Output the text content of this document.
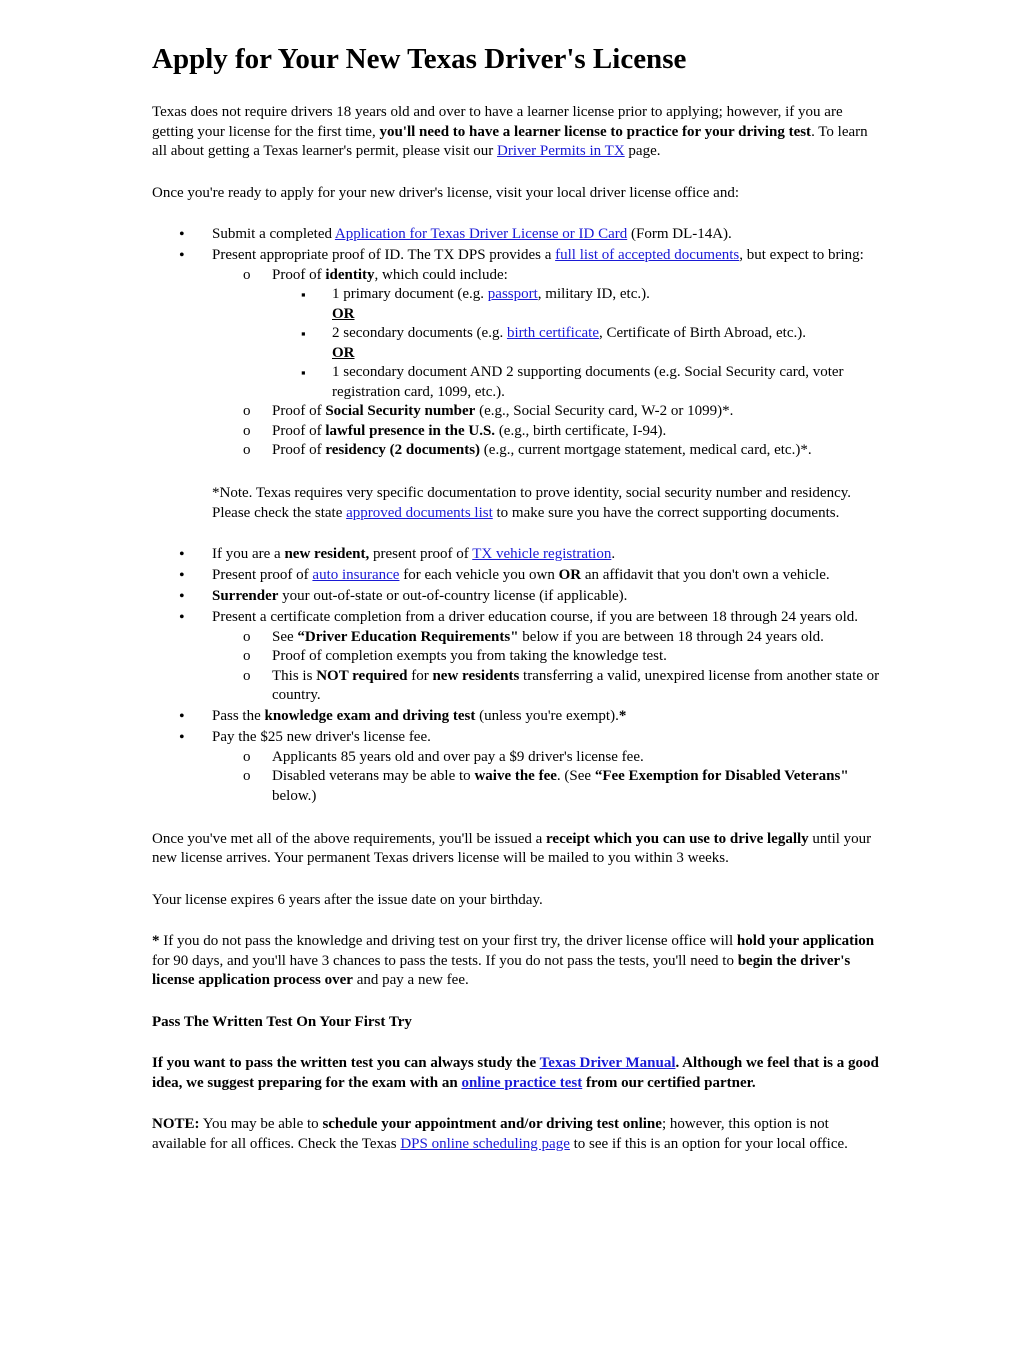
Apply for Your New Texas Driver's License

Texas does not require drivers 18 years old and over to have a learner license prior to applying; however, if you are getting your license for the first time, you'll need to have a learner license to practice for your driving test. To learn all about getting a Texas learner's permit, please visit our Driver Permits in TX page.

Once you're ready to apply for your new driver's license, visit your local driver license office and:

• Submit a completed Application for Texas Driver License or ID Card (Form DL-14A).
• Present appropriate proof of ID. The TX DPS provides a full list of accepted documents, but expect to bring:
o Proof of identity, which could include:
▪ 1 primary document (e.g. passport, military ID, etc.).
OR
▪ 2 secondary documents (e.g. birth certificate, Certificate of Birth Abroad, etc.).
OR
▪ 1 secondary document AND 2 supporting documents (e.g. Social Security card, voter registration card, 1099, etc.).
o Proof of Social Security number (e.g., Social Security card, W-2 or 1099)*.
o Proof of lawful presence in the U.S. (e.g., birth certificate, I-94).
o Proof of residency (2 documents) (e.g., current mortgage statement, medical card, etc.)*.

*Note. Texas requires very specific documentation to prove identity, social security number and residency. Please check the state approved documents list to make sure you have the correct supporting documents.

• If you are a new resident, present proof of TX vehicle registration.
• Present proof of auto insurance for each vehicle you own OR an affidavit that you don't own a vehicle.
• Surrender your out-of-state or out-of-country license (if applicable).
• Present a certificate completion from a driver education course, if you are between 18 through 24 years old.
o See “Driver Education Requirements" below if you are between 18 through 24 years old.
o Proof of completion exempts you from taking the knowledge test.
o This is NOT required for new residents transferring a valid, unexpired license from another state or country.
• Pass the knowledge exam and driving test (unless you're exempt).*
• Pay the $25 new driver's license fee.
o Applicants 85 years old and over pay a $9 driver's license fee.
o Disabled veterans may be able to waive the fee. (See “Fee Exemption for Disabled Veterans" below.)

Once you've met all of the above requirements, you'll be issued a receipt which you can use to drive legally until your new license arrives. Your permanent Texas drivers license will be mailed to you within 3 weeks.

Your license expires 6 years after the issue date on your birthday.

* If you do not pass the knowledge and driving test on your first try, the driver license office will hold your application for 90 days, and you'll have 3 chances to pass the tests. If you do not pass the tests, you'll need to begin the driver's license application process over and pay a new fee.

Pass The Written Test On Your First Try

If you want to pass the written test you can always study the Texas Driver Manual. Although we feel that is a good idea, we suggest preparing for the exam with an online practice test from our certified partner.

NOTE: You may be able to schedule your appointment and/or driving test online; however, this option is not available for all offices. Check the Texas DPS online scheduling page to see if this is an option for your local office.
